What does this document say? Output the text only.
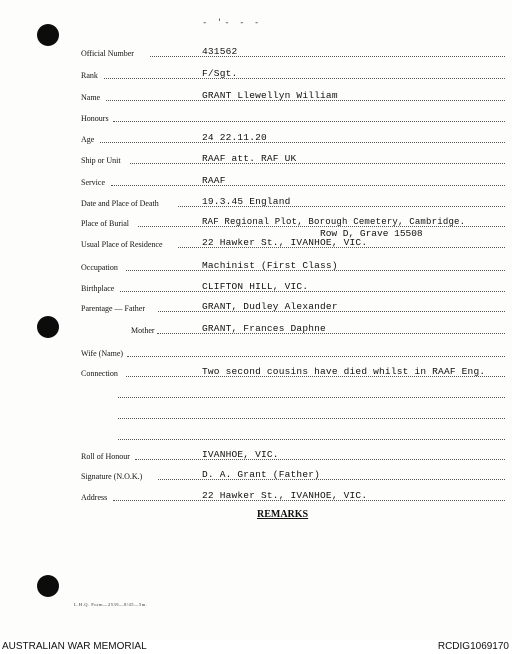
- '- - -
Official Number	431562
Rank	F/Sgt.
Name	GRANT Llewellyn William
Honours
Age	24 22.11.20
Ship or Unit	RAAF att. RAF UK
Service	RAAF
Date and Place of Death	19.3.45 England
Place of Burial	RAF Regional Plot, Borough Cemetery, Cambridge.
Row D, Grave 15508
Usual Place of Residence	22 Hawker St., IVANHOE, VIC.
Occupation	Machinist (First Class)
Birthplace	CLIFTON HILL, VIC.
Parentage — Father	GRANT, Dudley Alexander
Mother	GRANT, Frances Daphne
Wife (Name)
Connection	Two second cousins have died whilst in RAAF Eng.
Roll of Honour	IVANHOE, VIC.
Signature (N.O.K.)	D. A. Grant (Father)
Address	22 Hawker St., IVANHOE, VIC.
REMARKS
L.H.Q. Form—2539—8/45—5m.
AUSTRALIAN WAR MEMORIAL	RCDIG1069170
